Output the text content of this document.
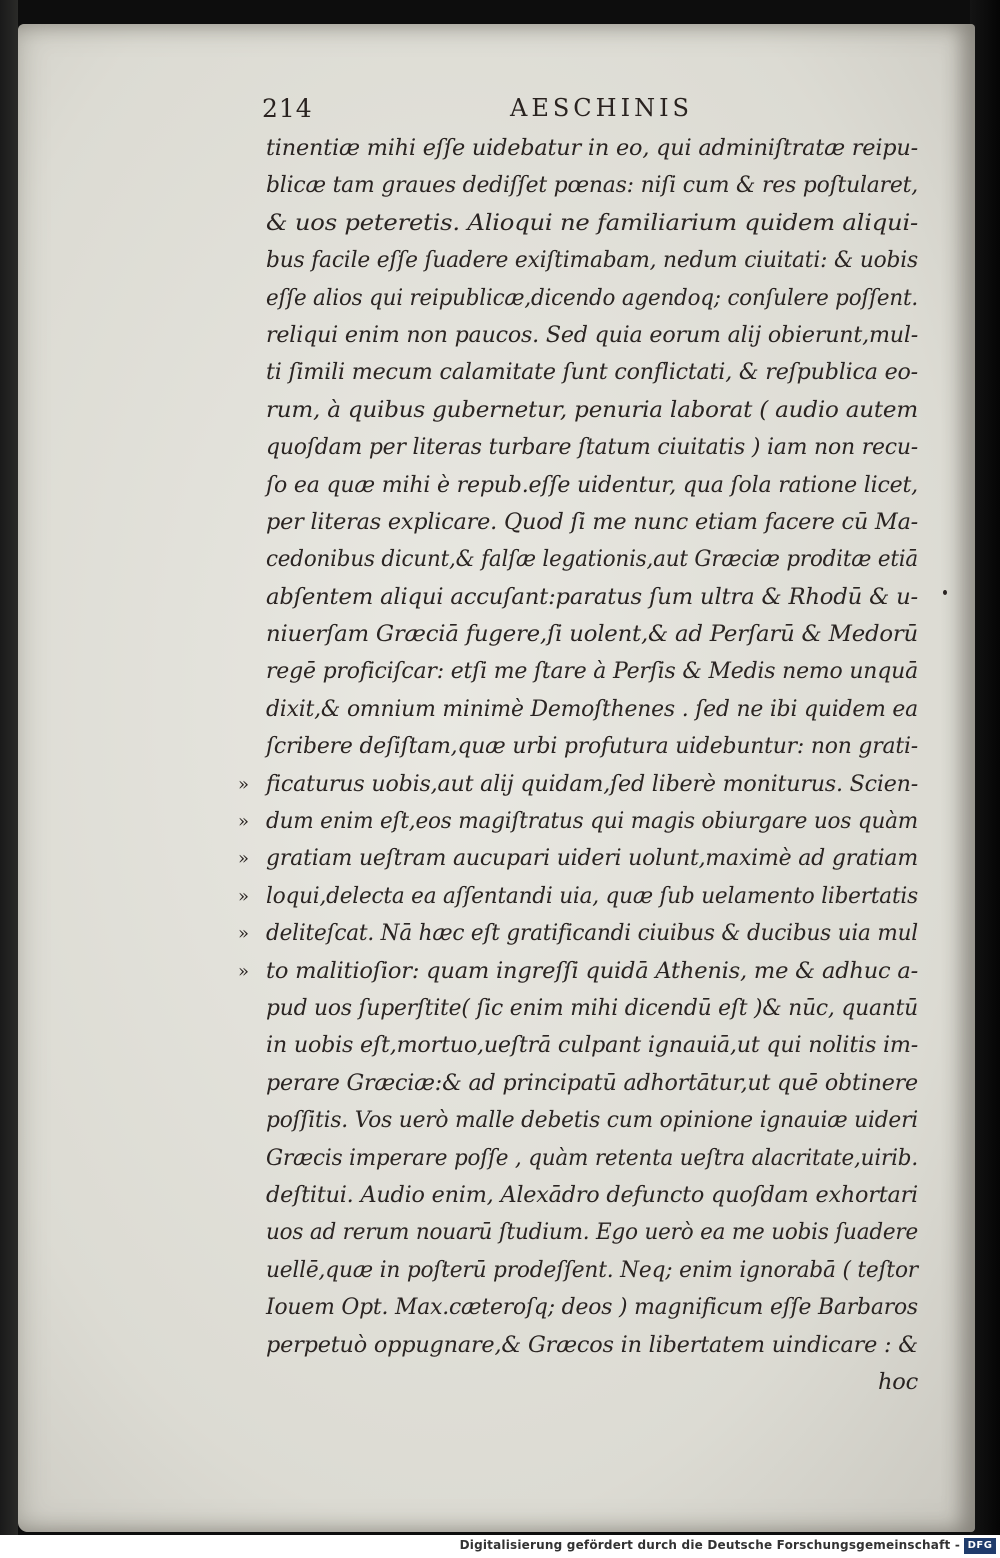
214	AESCHINIS
tinentiæ mihi eſſe uidebatur in eo, qui adminiſtratæ reipu-
blicæ tam graues dediſſet pœnas: niſi cum & res poſtularet,
& uos peteretis. Alioqui ne familiarium quidem aliqui-
bus facile eſſe ſuadere exiſtimabam, nedum ciuitati: & uobis
eſſe alios qui reipublicæ,dicendo agendoq; conſulere poſſent.
reliqui enim non paucos. Sed quia eorum alij obierunt,mul-
ti ſimili mecum calamitate ſunt conflictati, & reſpublica eo-
rum, à quibus gubernetur, penuria laborat ( audio autem
quoſdam per literas turbare ſtatum ciuitatis ) iam non recu-
ſo ea quæ mihi è repub.eſſe uidentur, qua ſola ratione licet,
per literas explicare. Quod ſi me nunc etiam facere cū Ma-
cedonibus dicunt,& falſæ legationis,aut Græciæ proditæ etiā
abſentem aliqui accuſant:paratus ſum ultra & Rhodū & u-
niuerſam Græciā fugere,ſi uolent,& ad Perſarū & Medorū
regē proficiſcar: etſi me ſtare à Perſis & Medis nemo unquā
dixit,& omnium minimè Demoſthenes . ſed ne ibi quidem ea
ſcribere deſiſtam,quæ urbi profutura uidebuntur: non grati-
» ficaturus uobis,aut alij quidam,ſed liberè moniturus. Scien-
» dum enim eſt,eos magiſtratus qui magis obiurgare uos quàm
» gratiam ueſtram aucupari uideri uolunt,maximè ad gratiam
» loqui,delecta ea aſſentandi uia, quæ ſub uelamento libertatis
» deliteſcat. Nā hæc eſt gratificandi ciuibus & ducibus uia mul
» to malitioſior: quam ingreſſi quidā Athenis, me & adhuc a-
pud uos ſuperſtite( ſic enim mihi dicendū eſt )& nūc, quantū
in uobis eſt,mortuo,ueſtrā culpant ignauiā,ut qui nolitis im-
perare Græciæ:& ad principatū adhortātur,ut quē obtinere
poſſitis. Vos uerò malle debetis cum opinione ignauiæ uideri
Græcis imperare poſſe , quàm retenta ueſtra alacritate,uirib.
deſtitui. Audio enim, Alexādro defuncto quoſdam exhortari
uos ad rerum nouarū ſtudium. Ego uerò ea me uobis ſuadere
uellē,quæ in poſterū prodeſſent. Neq; enim ignorabā ( teſtor
Iouem Opt. Max.cæteroſq; deos ) magnificum eſſe Barbaros
perpetuò oppugnare,& Græcos in libertatem uindicare : &
hoc
Digitalisierung gefördert durch die Deutsche Forschungsgemeinschaft - DFG
